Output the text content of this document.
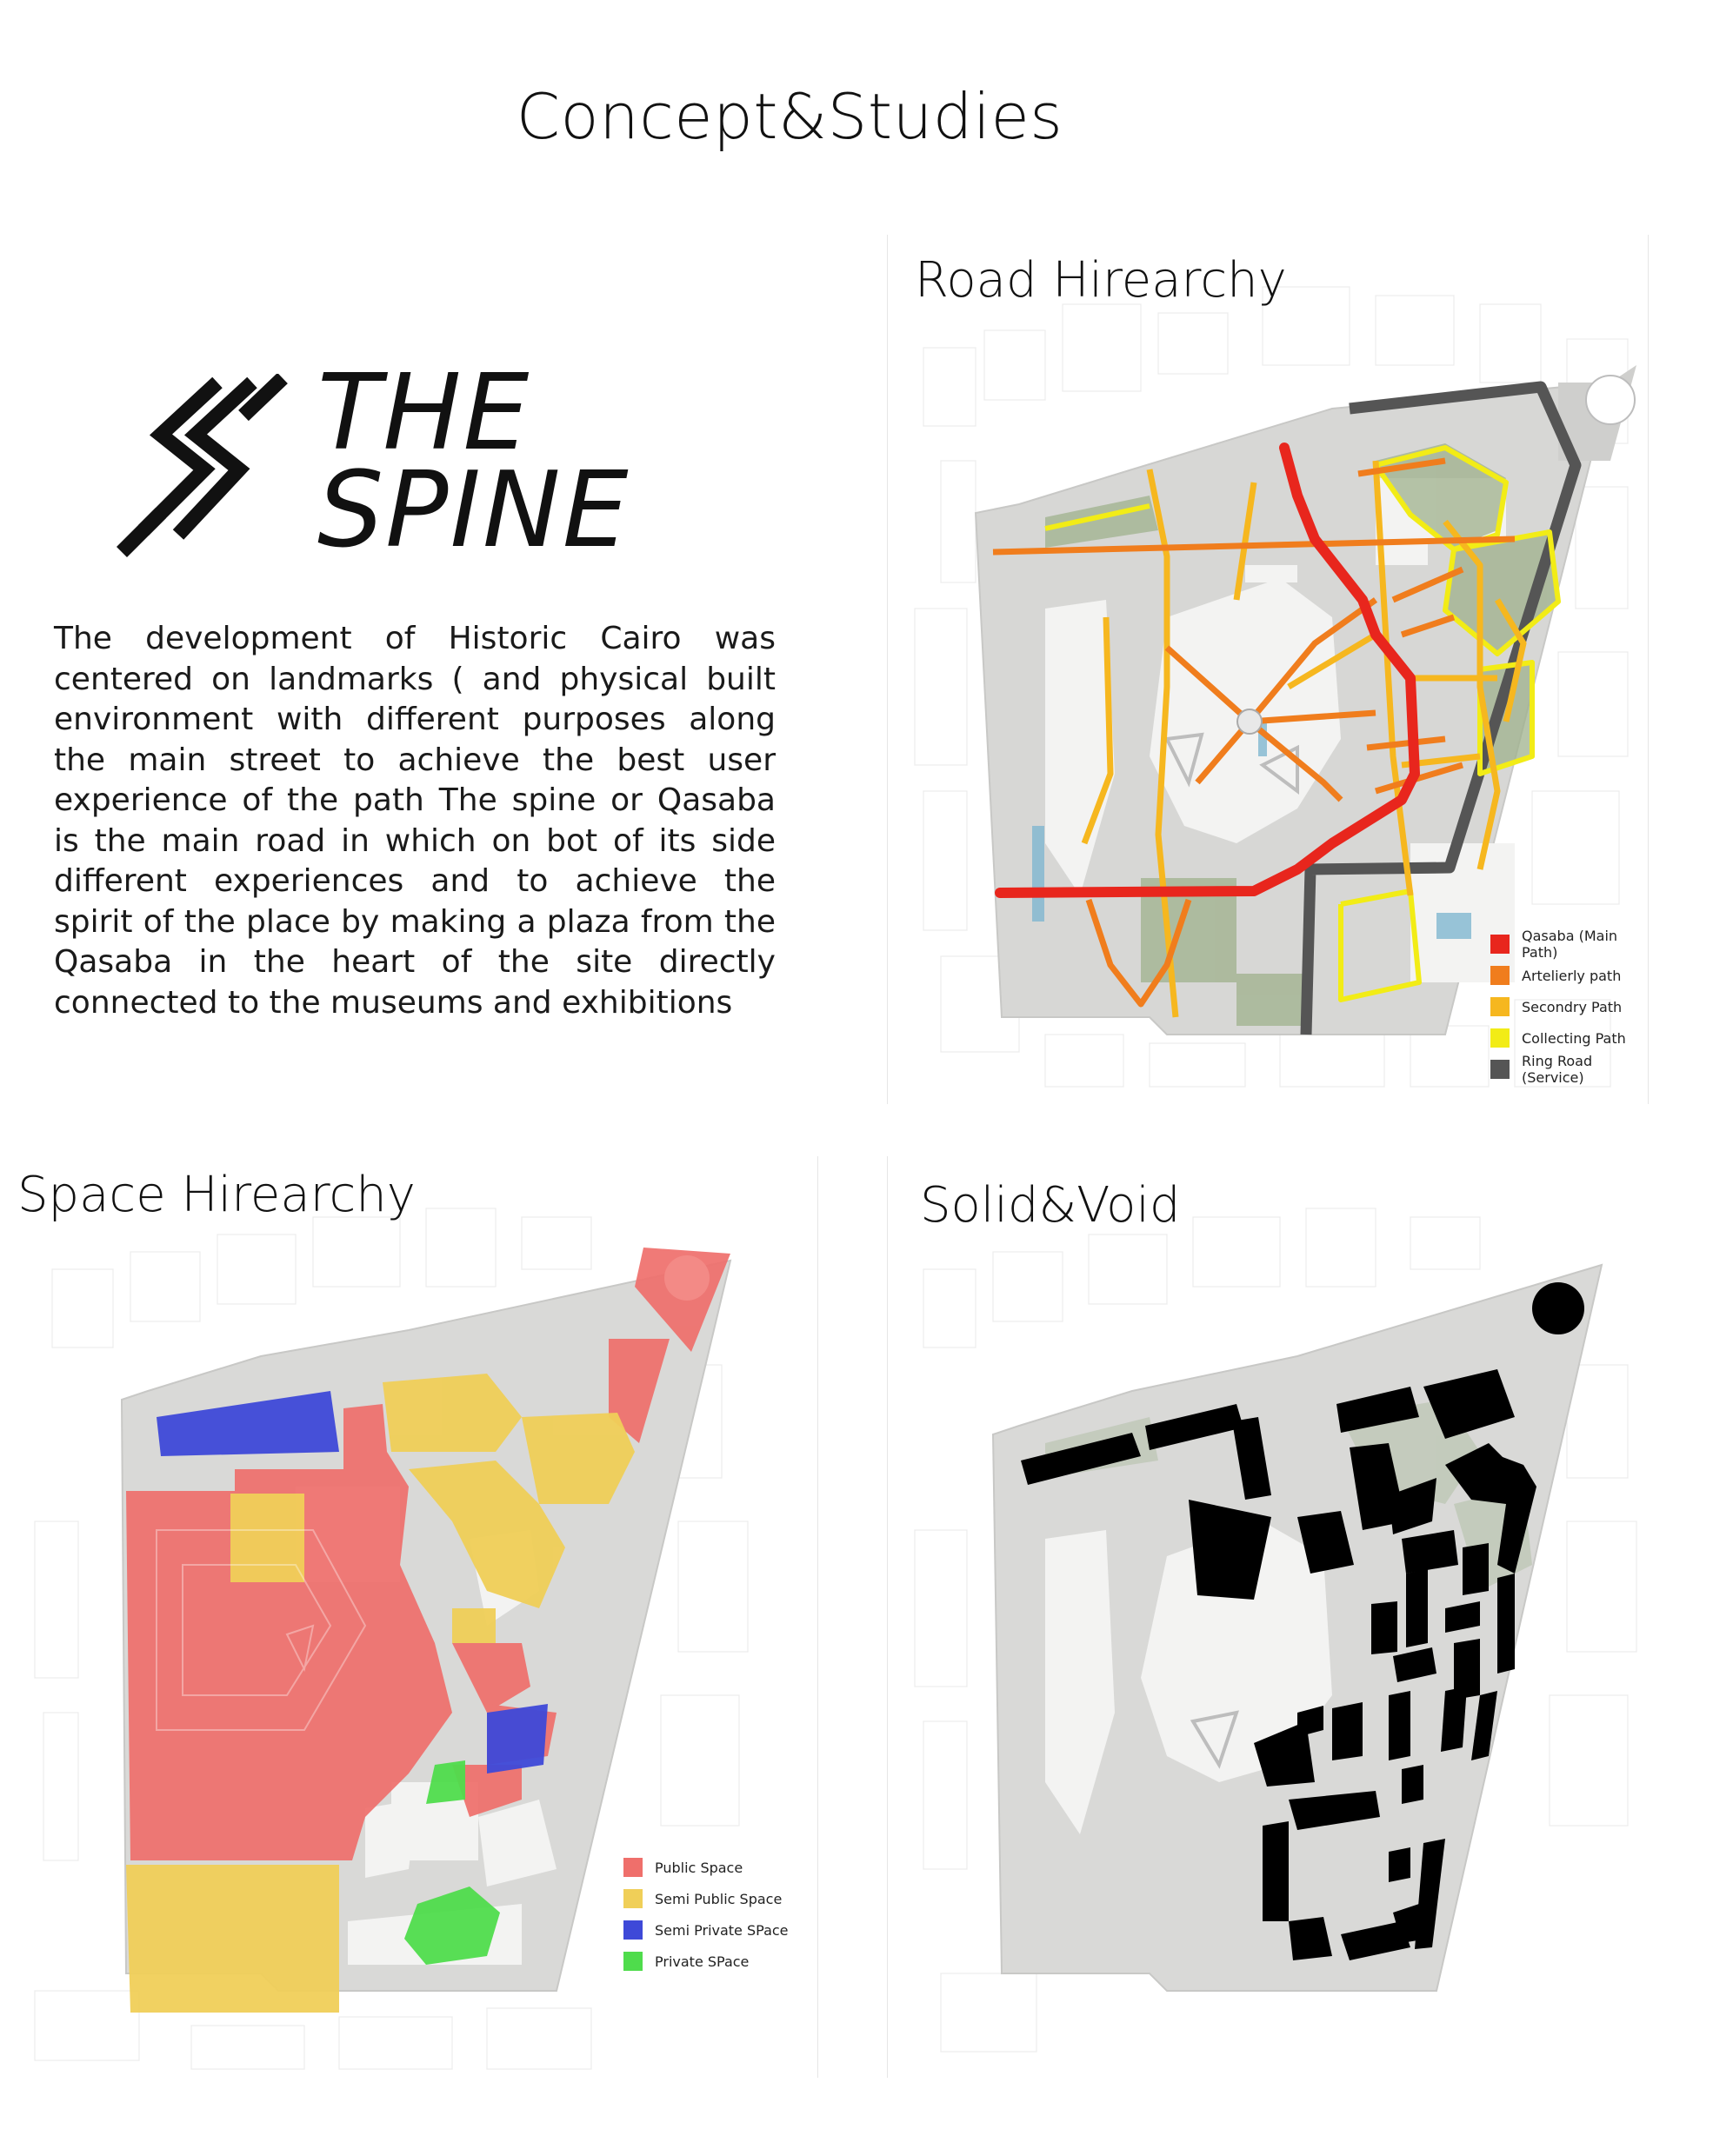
Concept&Studies
THE
SPINE
The development of Historic Cairo was centered on landmarks ( and physical built environment with different purposes along the main street to achieve the best user experience of the path The spine or Qasaba is the main road in which on bot of its side different experiences and to achieve the spirit of the place by making a plaza from the Qasaba in the heart of the site directly connected to the museums and exhibitions
Road Hirearchy
Qasaba (Main Path)
Artelierly path
Secondry Path
Collecting Path
Ring Road (Service)
Space Hirearchy
Public Space
Semi Public Space
Semi Private SPace
Private SPace
Solid&Void
